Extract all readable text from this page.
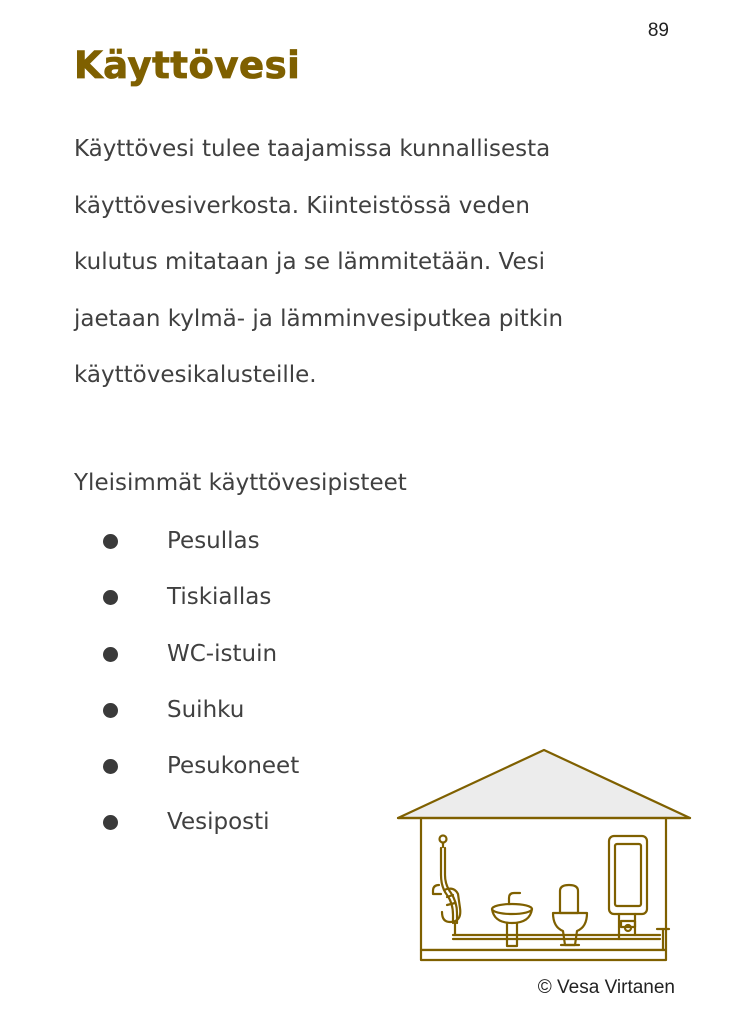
89
Käyttövesi

Käyttövesi tulee taajamissa kunnallisesta
käyttövesiverkosta. Kiinteistössä veden
kulutus mitataan ja se lämmitetään. Vesi
jaetaan kylmä- ja lämminvesiputkea pitkin
käyttövesikalusteille.

Yleisimmät käyttövesipisteet

Pesullas
Tiskiallas
WC-istuin
Suihku
Pesukoneet
Vesiposti
© Vesa Virtanen
